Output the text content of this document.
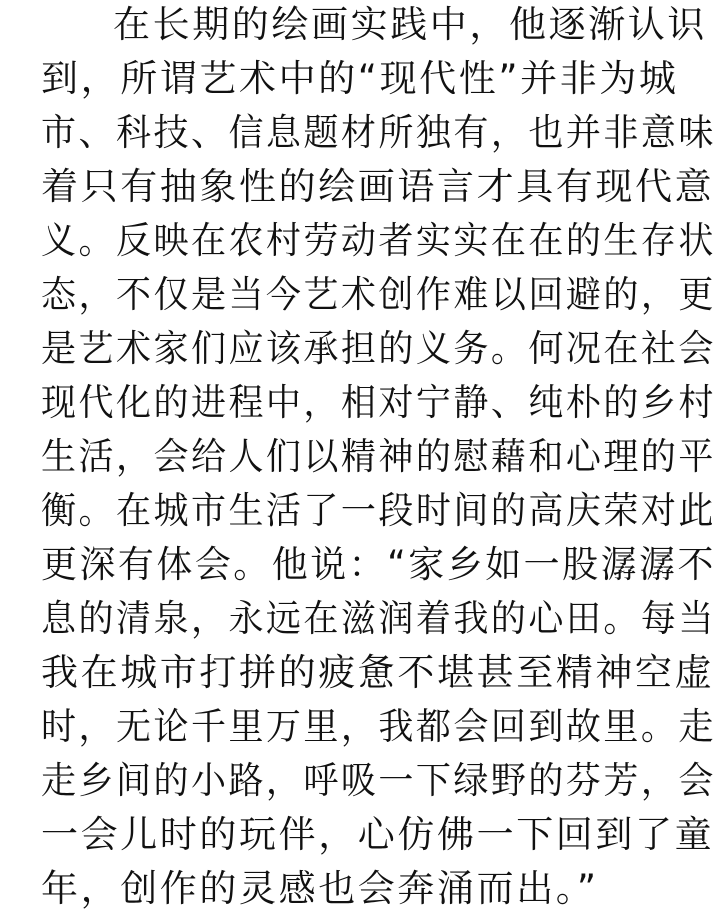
在长期的绘画实践中，他逐渐认识
到，所谓艺术中的“现代性”并非为城
市、科技、信息题材所独有，也并非意味
着只有抽象性的绘画语言才具有现代意
义。反映在农村劳动者实实在在的生存状
态，不仅是当今艺术创作难以回避的，更
是艺术家们应该承担的义务。何况在社会
现代化的进程中，相对宁静、纯朴的乡村
生活，会给人们以精神的慰藉和心理的平
衡。在城市生活了一段时间的高庆荣对此
更深有体会。他说：“家乡如一股潺潺不
息的清泉，永远在滋润着我的心田。每当
我在城市打拼的疲惫不堪甚至精神空虚
时，无论千里万里，我都会回到故里。走
走乡间的小路，呼吸一下绿野的芬芳，会
一会儿时的玩伴，心仿佛一下回到了童
年，创作的灵感也会奔涌而出。”
